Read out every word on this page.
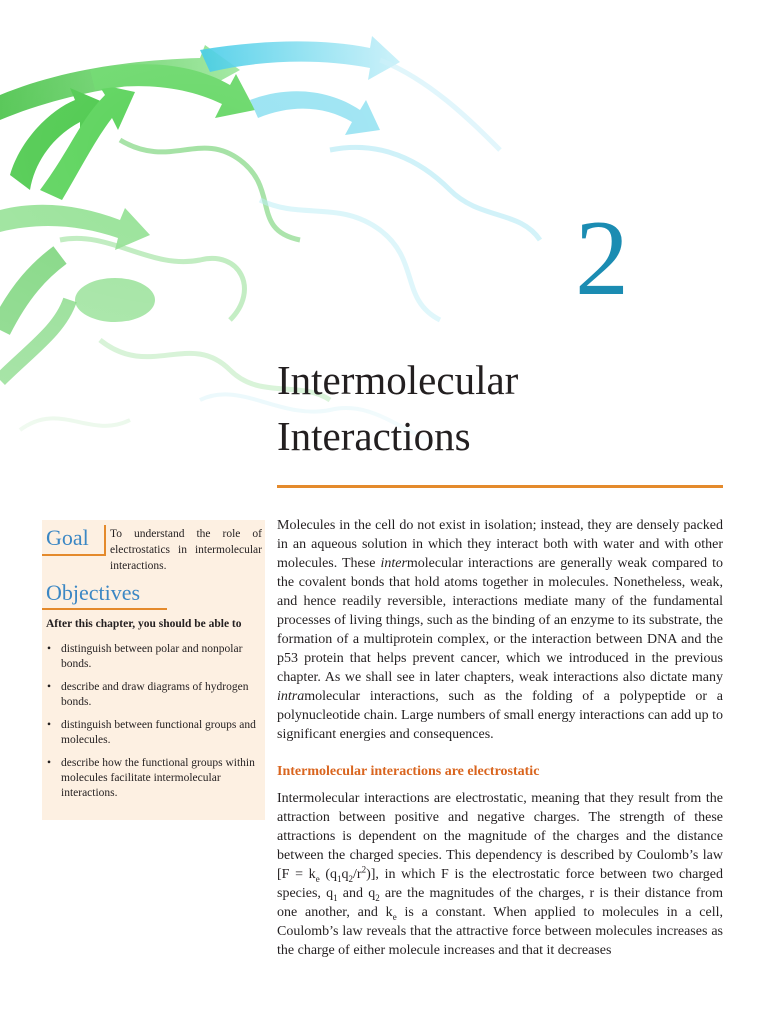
2
Intermolecular
Interactions
Goal To understand the role of electrostatics in intermolecular interactions.
Objectives
After this chapter, you should be able to
• distinguish between polar and nonpolar bonds.
• describe and draw diagrams of hydrogen bonds.
• distinguish between functional groups and molecules.
• describe how the functional groups within molecules facilitate intermolecular interactions.

Molecules in the cell do not exist in isolation; instead, they are densely packed in an aqueous solution in which they interact both with water and with other molecules. These intermolecular interactions are generally weak compared to the covalent bonds that hold atoms together in molecules. Nonetheless, weak, and hence readily reversible, interactions mediate many of the fundamental processes of living things, such as the binding of an enzyme to its substrate, the formation of a multiprotein complex, or the interaction between DNA and the p53 protein that helps prevent cancer, which we introduced in the previous chapter. As we shall see in later chapters, weak interactions also dictate many intramolecular interactions, such as the folding of a polypeptide or a polynucleotide chain. Large numbers of small energy interactions can add up to significant energies and consequences.

Intermolecular interactions are electrostatic

Intermolecular interactions are electrostatic, meaning that they result from the attraction between positive and negative charges. The strength of these attractions is dependent on the magnitude of the charges and the distance between the charged species. This dependency is described by Coulomb’s law [$F = k_e$ $(q_1q_2/r^2)$], in which F is the electrostatic force between two charged species, $q_1$ and $q_2$ are the magnitudes of the charges, r is their distance from one another, and $k_e$ is a constant. When applied to molecules in a cell, Coulomb’s law reveals that the attractive force between molecules increases as the charge of either molecule increases and that it decreases
